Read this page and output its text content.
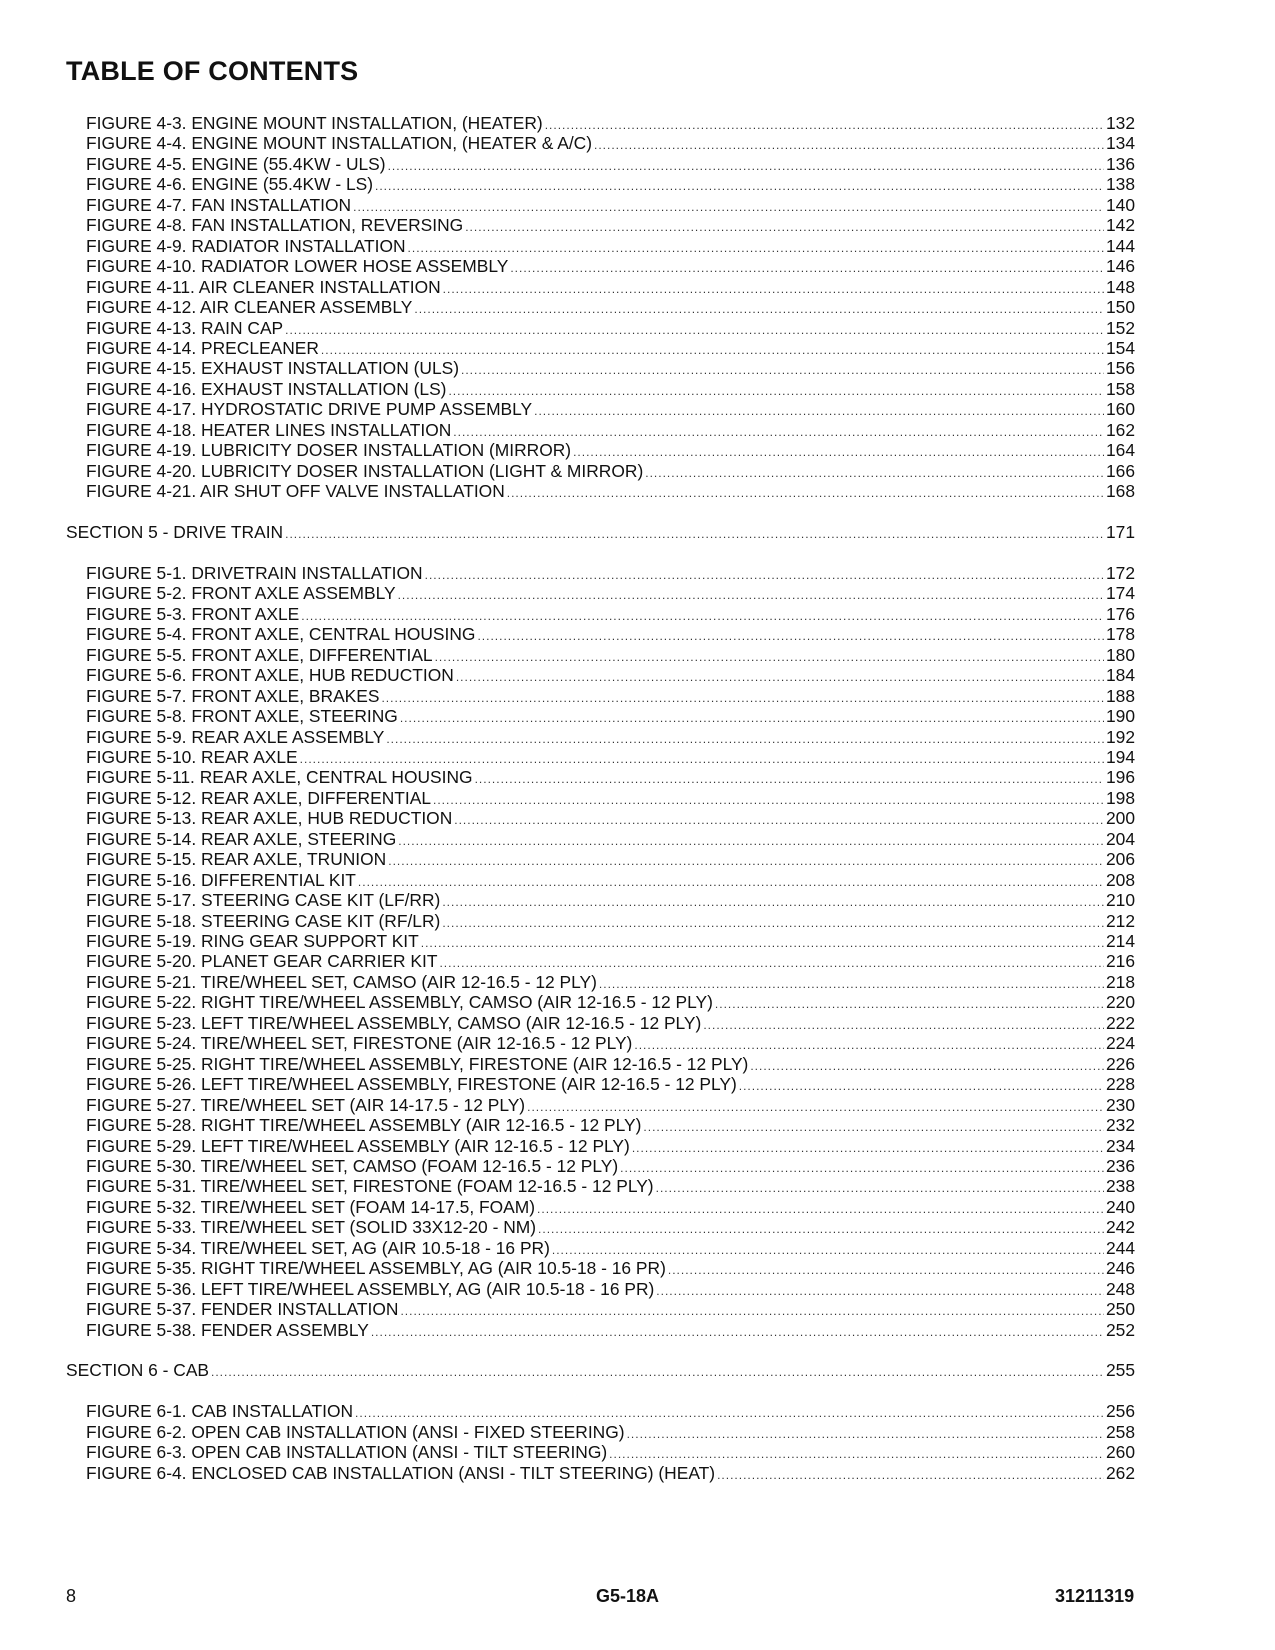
TABLE OF CONTENTS
FIGURE 4-3. ENGINE MOUNT INSTALLATION, (HEATER) .....	132
FIGURE 4-4. ENGINE MOUNT INSTALLATION, (HEATER & A/C) .....	134
FIGURE 4-5. ENGINE (55.4KW - ULS) .....	136
FIGURE 4-6. ENGINE (55.4KW - LS) .....	138
FIGURE 4-7. FAN INSTALLATION .....	140
FIGURE 4-8. FAN INSTALLATION, REVERSING .....	142
FIGURE 4-9. RADIATOR INSTALLATION .....	144
FIGURE 4-10. RADIATOR LOWER HOSE ASSEMBLY .....	146
FIGURE 4-11. AIR CLEANER INSTALLATION .....	148
FIGURE 4-12. AIR CLEANER ASSEMBLY .....	150
FIGURE 4-13. RAIN CAP .....	152
FIGURE 4-14. PRECLEANER .....	154
FIGURE 4-15. EXHAUST INSTALLATION (ULS) .....	156
FIGURE 4-16. EXHAUST INSTALLATION (LS) .....	158
FIGURE 4-17. HYDROSTATIC DRIVE PUMP ASSEMBLY .....	160
FIGURE 4-18. HEATER LINES INSTALLATION .....	162
FIGURE 4-19. LUBRICITY DOSER INSTALLATION (MIRROR) .....	164
FIGURE 4-20. LUBRICITY DOSER INSTALLATION (LIGHT & MIRROR) .....	166
FIGURE 4-21. AIR SHUT OFF VALVE INSTALLATION .....	168
SECTION 5 - DRIVE TRAIN .....	171
FIGURE 5-1. DRIVETRAIN INSTALLATION .....	172
FIGURE 5-2. FRONT AXLE ASSEMBLY .....	174
FIGURE 5-3. FRONT AXLE .....	176
FIGURE 5-4. FRONT AXLE, CENTRAL HOUSING .....	178
FIGURE 5-5. FRONT AXLE, DIFFERENTIAL .....	180
FIGURE 5-6. FRONT AXLE, HUB REDUCTION .....	184
FIGURE 5-7. FRONT AXLE, BRAKES .....	188
FIGURE 5-8. FRONT AXLE, STEERING .....	190
FIGURE 5-9. REAR AXLE ASSEMBLY .....	192
FIGURE 5-10. REAR AXLE .....	194
FIGURE 5-11. REAR AXLE, CENTRAL HOUSING .....	196
FIGURE 5-12. REAR AXLE, DIFFERENTIAL .....	198
FIGURE 5-13. REAR AXLE, HUB REDUCTION .....	200
FIGURE 5-14. REAR AXLE, STEERING .....	204
FIGURE 5-15. REAR AXLE, TRUNION .....	206
FIGURE 5-16. DIFFERENTIAL KIT .....	208
FIGURE 5-17. STEERING CASE KIT (LF/RR) .....	210
FIGURE 5-18. STEERING CASE KIT (RF/LR) .....	212
FIGURE 5-19. RING GEAR SUPPORT KIT .....	214
FIGURE 5-20. PLANET GEAR CARRIER KIT .....	216
FIGURE 5-21. TIRE/WHEEL SET, CAMSO (AIR 12-16.5 - 12 PLY) .....	218
FIGURE 5-22. RIGHT TIRE/WHEEL ASSEMBLY, CAMSO (AIR 12-16.5 - 12 PLY) .....	220
FIGURE 5-23. LEFT TIRE/WHEEL ASSEMBLY, CAMSO (AIR 12-16.5 - 12 PLY) .....	222
FIGURE 5-24. TIRE/WHEEL SET, FIRESTONE (AIR 12-16.5 - 12 PLY) .....	224
FIGURE 5-25. RIGHT TIRE/WHEEL ASSEMBLY, FIRESTONE (AIR 12-16.5 - 12 PLY) .....	226
FIGURE 5-26. LEFT TIRE/WHEEL ASSEMBLY, FIRESTONE (AIR 12-16.5 - 12 PLY) .....	228
FIGURE 5-27. TIRE/WHEEL SET (AIR 14-17.5 - 12 PLY) .....	230
FIGURE 5-28. RIGHT TIRE/WHEEL ASSEMBLY (AIR 12-16.5 - 12 PLY) .....	232
FIGURE 5-29. LEFT TIRE/WHEEL ASSEMBLY (AIR 12-16.5 - 12 PLY) .....	234
FIGURE 5-30. TIRE/WHEEL SET, CAMSO (FOAM 12-16.5 - 12 PLY) .....	236
FIGURE 5-31. TIRE/WHEEL SET, FIRESTONE (FOAM 12-16.5 - 12 PLY) .....	238
FIGURE 5-32. TIRE/WHEEL SET (FOAM 14-17.5, FOAM) .....	240
FIGURE 5-33. TIRE/WHEEL SET (SOLID 33X12-20 - NM) .....	242
FIGURE 5-34. TIRE/WHEEL SET, AG (AIR 10.5-18 - 16 PR) .....	244
FIGURE 5-35. RIGHT TIRE/WHEEL ASSEMBLY, AG (AIR 10.5-18 - 16 PR) .....	246
FIGURE 5-36. LEFT TIRE/WHEEL ASSEMBLY, AG (AIR 10.5-18 - 16 PR) .....	248
FIGURE 5-37. FENDER INSTALLATION .....	250
FIGURE 5-38. FENDER ASSEMBLY .....	252
SECTION 6 - CAB .....	255
FIGURE 6-1. CAB INSTALLATION .....	256
FIGURE 6-2. OPEN CAB INSTALLATION (ANSI - FIXED STEERING) .....	258
FIGURE 6-3. OPEN CAB INSTALLATION (ANSI - TILT STEERING) .....	260
FIGURE 6-4. ENCLOSED CAB INSTALLATION (ANSI - TILT STEERING) (HEAT) .....	262
8	G5-18A	31211319
